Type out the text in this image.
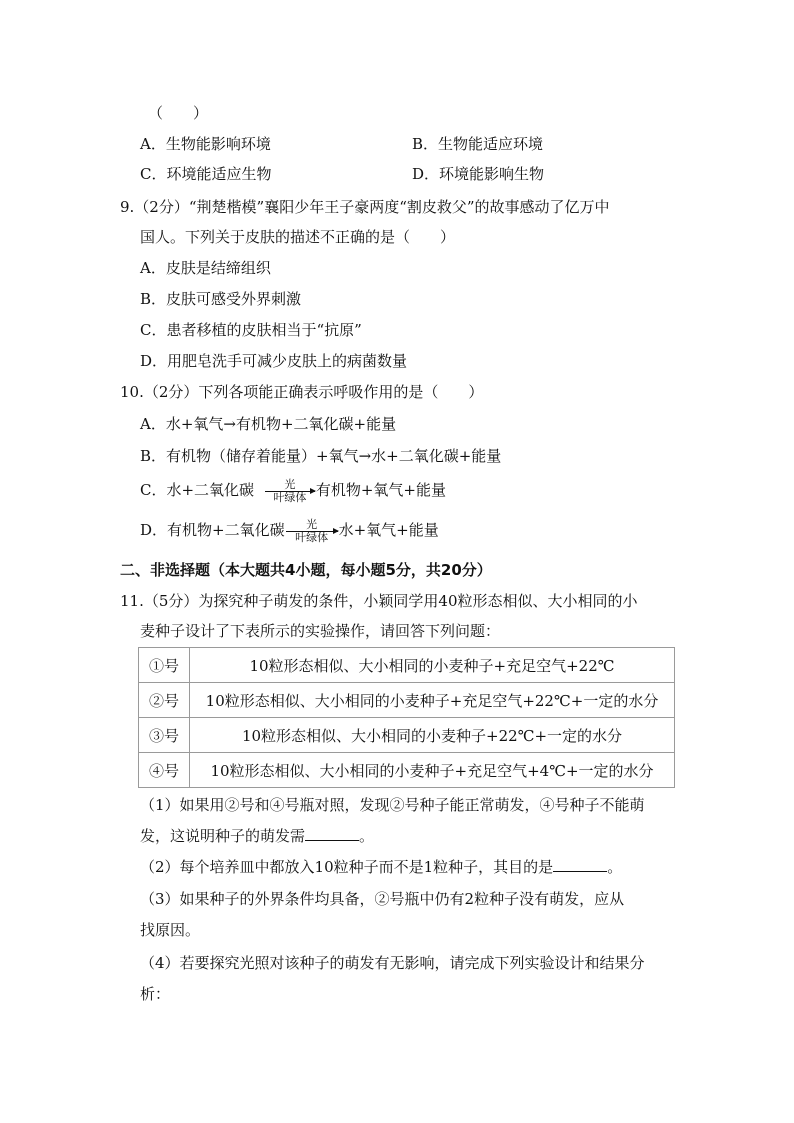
（　　）
A．生物能影响环境	B．生物能适应环境
C．环境能适应生物	D．环境能影响生物
9.（2分）“荆楚楷模”襄阳少年王子豪两度“割皮救父”的故事感动了亿万中
国人。下列关于皮肤的描述不正确的是（　　）
A．皮肤是结缔组织
B．皮肤可感受外界刺激
C．患者移植的皮肤相当于“抗原”
D．用肥皂洗手可减少皮肤上的病菌数量
10.（2分）下列各项能正确表示呼吸作用的是（　　）
A．水+氧气→有机物+二氧化碳+能量
B．有机物（储存着能量）+氧气→水+二氧化碳+能量
C．水+二氧化碳	光
叶绿体 有机物+氧气+能量
D．有机物+二氧化碳	光
叶绿体 水+氧气+能量
二、非选择题（本大题共4小题，每小题5分，共20分）
11.（5分）为探究种子萌发的条件，小颖同学用40粒形态相似、大小相同的小
麦种子设计了下表所示的实验操作，请回答下列问题：
①号	10粒形态相似、大小相同的小麦种子+充足空气+22℃
②号	10粒形态相似、大小相同的小麦种子+充足空气+22℃+一定的水分
③号	10粒形态相似、大小相同的小麦种子+22℃+一定的水分
④号	10粒形态相似、大小相同的小麦种子+充足空气+4℃+一定的水分
（1）如果用②号和④号瓶对照，发现②号种子能正常萌发，④号种子不能萌
发，这说明种子的萌发需	。
（2）每个培养皿中都放入10粒种子而不是1粒种子，其目的是	。
（3）如果种子的外界条件均具备，②号瓶中仍有2粒种子没有萌发，应从
找原因。
（4）若要探究光照对该种子的萌发有无影响，请完成下列实验设计和结果分
析：
